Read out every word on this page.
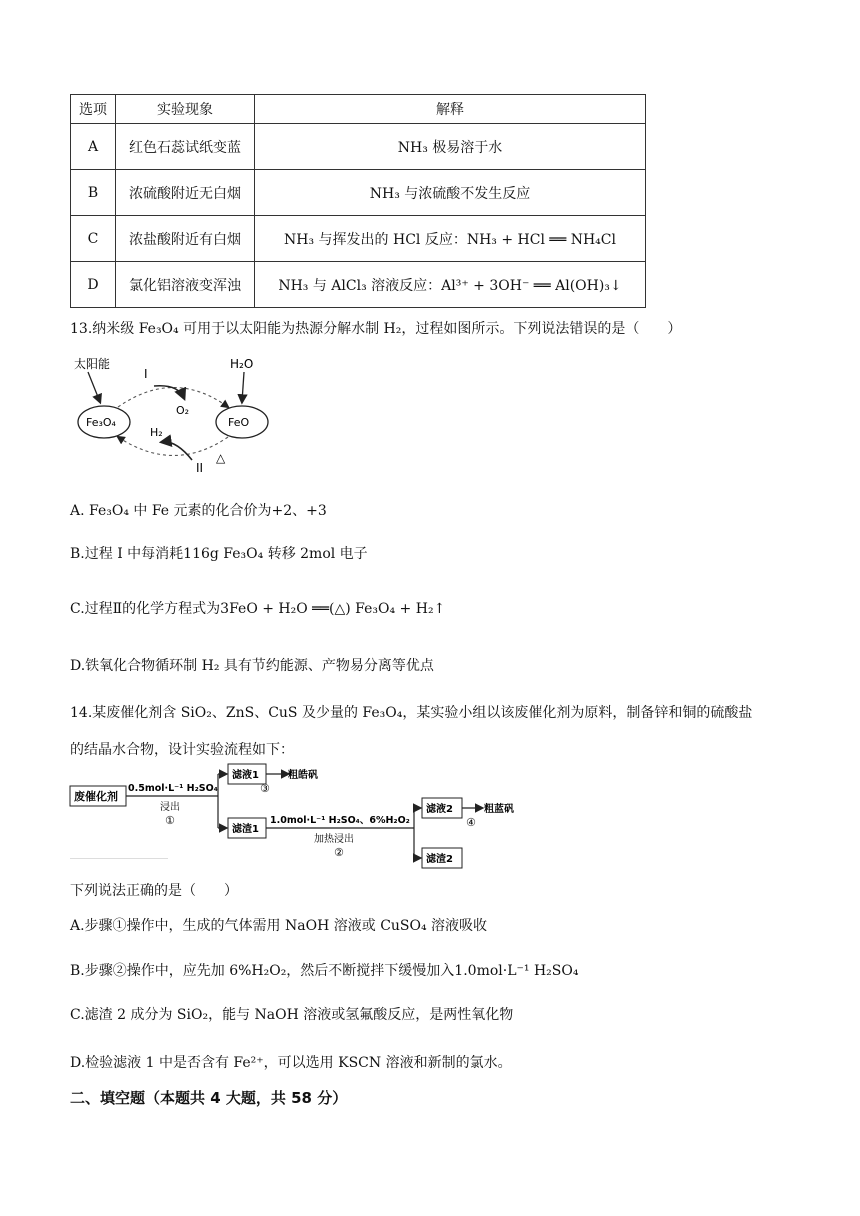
选项	实验现象	解释
A	红色石蕊试纸变蓝	NH₃ 极易溶于水
B	浓硫酸附近无白烟	NH₃ 与浓硫酸不发生反应
C	浓盐酸附近有白烟	NH₃ 与挥发出的 HCl 反应：NH₃ + HCl ══ NH₄Cl
D	氯化铝溶液变浑浊	NH₃ 与 AlCl₃ 溶液反应：Al³⁺ + 3OH⁻ ══ Al(OH)₃↓
13.纳米级 Fe₃O₄ 可用于以太阳能为热源分解水制 H₂，过程如图所示。下列说法错误的是（　　）
太阳能	H₂O
Fe₃O₄	FeO
I
O₂
II
H₂
△
A. Fe₃O₄ 中 Fe 元素的化合价为+2、+3
B.过程 I 中每消耗116g Fe₃O₄ 转移 2mol 电子
C.过程Ⅱ的化学方程式为3FeO + H₂O ══(△) Fe₃O₄ + H₂↑
D.铁氧化合物循环制 H₂ 具有节约能源、产物易分离等优点
14.某废催化剂含 SiO₂、ZnS、CuS 及少量的 Fe₃O₄，某实验小组以该废催化剂为原料，制备锌和铜的硫酸盐
的结晶水合物，设计实验流程如下：
废催化剂
0.5mol·L⁻¹ H₂SO₄
浸出
①
滤液1	粗皓矾
③
滤渣1
1.0mol·L⁻¹ H₂SO₄、6%H₂O₂
加热浸出
②
滤液2	粗蓝矾
④
滤渣2
下列说法正确的是（　　）
A.步骤①操作中，生成的气体需用 NaOH 溶液或 CuSO₄ 溶液吸收
B.步骤②操作中，应先加 6%H₂O₂，然后不断搅拌下缓慢加入1.0mol·L⁻¹ H₂SO₄
C.滤渣 2 成分为 SiO₂，能与 NaOH 溶液或氢氟酸反应，是两性氧化物
D.检验滤液 1 中是否含有 Fe²⁺，可以选用 KSCN 溶液和新制的氯水。
二、填空题（本题共 4 大题，共 58 分）
